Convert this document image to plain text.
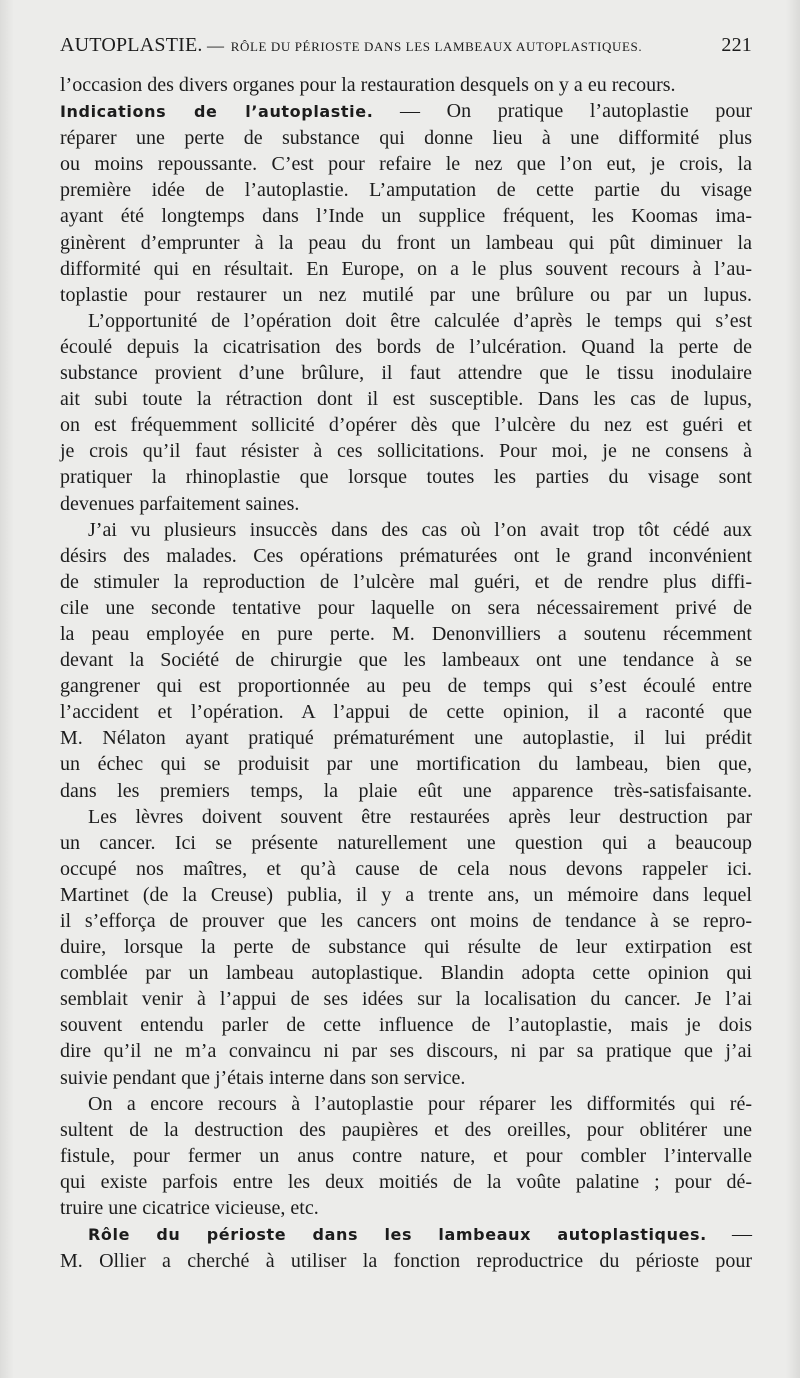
AUTOPLASTIE. — RÔLE DU PÉRIOSTE DANS LES LAMBEAUX AUTOPLASTIQUES.	221

l’occasion des divers organes pour la restauration desquels on y a eu recours.

Indications de l’autoplastie. — On pratique l’autoplastie pour
réparer une perte de substance qui donne lieu à une difformité plus
ou moins repoussante. C’est pour refaire le nez que l’on eut, je crois, la
première idée de l’autoplastie. L’amputation de cette partie du visage
ayant été longtemps dans l’Inde un supplice fréquent, les Koomas ima-
ginèrent d’emprunter à la peau du front un lambeau qui pût diminuer la
difformité qui en résultait. En Europe, on a le plus souvent recours à l’au-
toplastie pour restaurer un nez mutilé par une brûlure ou par un lupus.

L’opportunité de l’opération doit être calculée d’après le temps qui s’est
écoulé depuis la cicatrisation des bords de l’ulcération. Quand la perte de
substance provient d’une brûlure, il faut attendre que le tissu inodulaire
ait subi toute la rétraction dont il est susceptible. Dans les cas de lupus,
on est fréquemment sollicité d’opérer dès que l’ulcère du nez est guéri et
je crois qu’il faut résister à ces sollicitations. Pour moi, je ne consens à
pratiquer la rhinoplastie que lorsque toutes les parties du visage sont
devenues parfaitement saines.

J’ai vu plusieurs insuccès dans des cas où l’on avait trop tôt cédé aux
désirs des malades. Ces opérations prématurées ont le grand inconvénient
de stimuler la reproduction de l’ulcère mal guéri, et de rendre plus diffi-
cile une seconde tentative pour laquelle on sera nécessairement privé de
la peau employée en pure perte. M. Denonvilliers a soutenu récemment
devant la Société de chirurgie que les lambeaux ont une tendance à se
gangrener qui est proportionnée au peu de temps qui s’est écoulé entre
l’accident et l’opération. A l’appui de cette opinion, il a raconté que
M. Nélaton ayant pratiqué prématurément une autoplastie, il lui prédit
un échec qui se produisit par une mortification du lambeau, bien que,
dans les premiers temps, la plaie eût une apparence très-satisfaisante.

Les lèvres doivent souvent être restaurées après leur destruction par
un cancer. Ici se présente naturellement une question qui a beaucoup
occupé nos maîtres, et qu’à cause de cela nous devons rappeler ici.
Martinet (de la Creuse) publia, il y a trente ans, un mémoire dans lequel
il s’efforça de prouver que les cancers ont moins de tendance à se repro-
duire, lorsque la perte de substance qui résulte de leur extirpation est
comblée par un lambeau autoplastique. Blandin adopta cette opinion qui
semblait venir à l’appui de ses idées sur la localisation du cancer. Je l’ai
souvent entendu parler de cette influence de l’autoplastie, mais je dois
dire qu’il ne m’a convaincu ni par ses discours, ni par sa pratique que j’ai
suivie pendant que j’étais interne dans son service.

On a encore recours à l’autoplastie pour réparer les difformités qui ré-
sultent de la destruction des paupières et des oreilles, pour oblitérer une
fistule, pour fermer un anus contre nature, et pour combler l’intervalle
qui existe parfois entre les deux moitiés de la voûte palatine ; pour dé-
truire une cicatrice vicieuse, etc.

Rôle du périoste dans les lambeaux autoplastiques. —
M. Ollier a cherché à utiliser la fonction reproductrice du périoste pour
